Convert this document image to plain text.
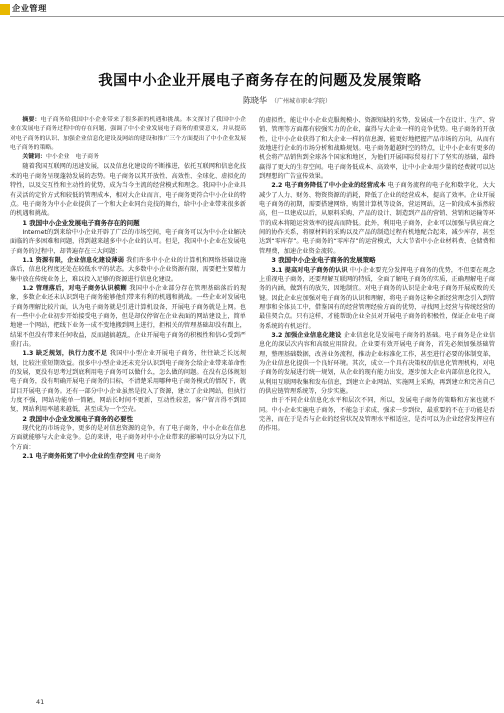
企业管理
我国中小企业开展电子商务存在的问题及发展策略
陈晓华 （广州城市职业学院）

摘要：电子商务给我国中小企业带来了很多新的机遇和挑战。本文探讨了我国中小企业在发展电子商务过程中的存在问题，强调了中小企业发展电子商务的重要意义，并从提高对电子商务的认识、加强企业信息化建设及网站的建设和推广三个方面提出了中小企业发展电子商务的策略。

关键词：中小企业　电子商务

随着我国互联网的迅速发展，以及信息化建设的不断推进，依托互联网和信息化技术的电子商务呈现蓬勃发展的态势。电子商务以其开放性、高效性、全球化、虚拟化的特性，以及交互性和主动性的优势，成为当今主流的经营模式和理念。我国中小企业具有灵活的定价方式和较低的管理成本，相对大企业而言，电子商务更符合中小企业的特点。电子商务为中小企业提供了一个和大企业同台竞技的舞台，给中小企业带来很多新的机遇和挑战。

1 我国中小企业发展电子商务存在的问题

Internet的到来给中小企业开辟了广泛的市场空间，电子商务可以为中小企业解决面临的许多困难和问题，得到越来越多中小企业的认可。但是，我国中小企业在发展电子商务的过程中，却普遍存在三大问题：

1.1 资源有限，企业信息化建设薄弱 我们许多中小企业的计算机和网络基础设施落后，信息化程度还处在较低水平的状态。大多数中小企业资源有限，需要把主要精力集中放在传统业务上，难以投入足够的资源进行信息化建设。

1.2 管理落后，对电子商务认识模糊 我国中小企业部分存在管理基础落后的现象，多数企业还未认识到电子商务能够他们带来有利的机遇和挑战。一些企业对发展电子商务理解比较片面，认为电子商务就是引进计算机设备，开展电子商务就是上网。也有一些中小企业初步开始接受电子商务，但是却仅停留在企业表面的网站建设上，简单地建一个网站，把线下业务一成不变地搬到网上进行，拒相关的管理基础却没有跟上，结果不但没有带来任何收益，反而越搞越乱，企业开展电子商务的积极性和信心受到严重打击。

1.3 缺乏规划，执行力度不足 我国中小型企业开展电子商务，往往缺乏长远规划，比较注重短期效益。很多中小型企业还未充分认识到电子商务会给企业带来革命性的发展，更没有思考过到底利用电子商务可以做什么，怎么做的问题。在没有总体规划电子商务，没有明确开展电子商务的目标，不清楚采用哪种电子商务模式的情况下，就冒目开展电子商务。还有一部分中小企业虽然是投入了资源，建立了企业网站，但执行力度不强，网站功能单一简陋，网站长时间不更新，互动性较差，客户留言得不到回复，网站利用率越来越低，甚至成为一个空壳。

2 我国中小企业发展电子商务的必要性

现代化的市场竞争，更多的是对信息资源的竞争，有了电子商务，中小企业在信息方面就能够与大企业竞争。总的来讲，电子商务对中小企业带来的影响可以分为以下几个方面：

2.1 电子商务拓宽了中小企业的生存空间 电子商务

的虚拟性，能让中小企业克服规模小、资源短缺的劣势，发展成一个在设计、生产、营销、管理等方面都有较强实力的企业，赢得与大企业一样的竞争优势。电子商务的开放性，让中小企业获得了和大企业一样的信息源，能更好地把握产品市场的方向，从而有效地进行企业的市场分析和战略规划。电子商务超越时空的特点，让中小企业有更多的机会将产品销售到全球各个国家和地区，为他们开展国际贸易打下了坚实的基础，最终赢得了更大的生存空间。电子商务低成本、高效率，让中小企业用少量的经费就可以达到理想的广告宣传效果。

2.2 电子商务降低了中小企业的经营成本 电子商务流程的电子化和数字化，大大减少了人力、财务、物资资源的消耗，降低了企业的经营成本，提高了效率。企业开展电子商务的初期，需要搭建网络，购置计算机等设备，营运网站，这一阶段成本虽然较高，但一旦建成以后，从原料采购、产品的设计、制造到产品的营销、营销和运输等环节的成本将随运营效率的提高而降低。此外，利用电子商务，企业可以加强与供应商之间的协作关系，将原材料的采购以及产品的制造过程有机地配合起来，减少库存，甚至达到“零库存”。电子商务的“零库存”的运营模式，大大节省中小企业材料费、仓储费和管理费，加速企业资金流转。

3 我国中小企业电子商务的发展策略

3.1 提高对电子商务的认识 中小企业要充分发挥电子商务的优势，不但要在观念上重视电子商务，还要理解互联网的特质，全面了解电子商务的实质，正确理解电子商务的内涵，做到有的放矢，因地制宜。对电子商务的认识是企业电子商务开展成败的关键。因此企业应加强对电子商务的认识和理解，将电子商务这种全新经营理念引入到管理事和全体员工中，借鉴国有的经营管理经验方面的优势，寻找网上经营与传统经营的最佳契合点。只有这样，才能帮助企业全员对开展电子商务的积极性，保证企业电子商务系统的有机运行。

3.2 加强企业信息化建设 企业信息化是发展电子商务的基础。电子商务是企业信息化的深层次内容和高级应用阶段。企业要有效开展电子商务，首先必须加强基础管理，整理基础数据，改善业务流程，推动企业标准化工作，甚至进行必要的体制变革，为企业信息化提供一个良好环境。其次，成立一个具有决策权的信息化管理机构，对电子商务的发展进行统一规划，从企业的现有能力出发，逐步加大企业内部信息化投入，从利用互联网收集和发布信息，到建立企业网站、实施网上采购，再到建立和完善自己的供应链管理系统等，分步实施。

由于不同企业信息化水平和层次不同，所以，发展电子商务的策略和方案也就不同。中小企业实施电子商务，不能急于求成、强求一步到位，最重要的不在于功能是否完善，而在于是否与企业的经营状况及管理水平相适应，是否可以为企业经营发挥应有的作用。

41
